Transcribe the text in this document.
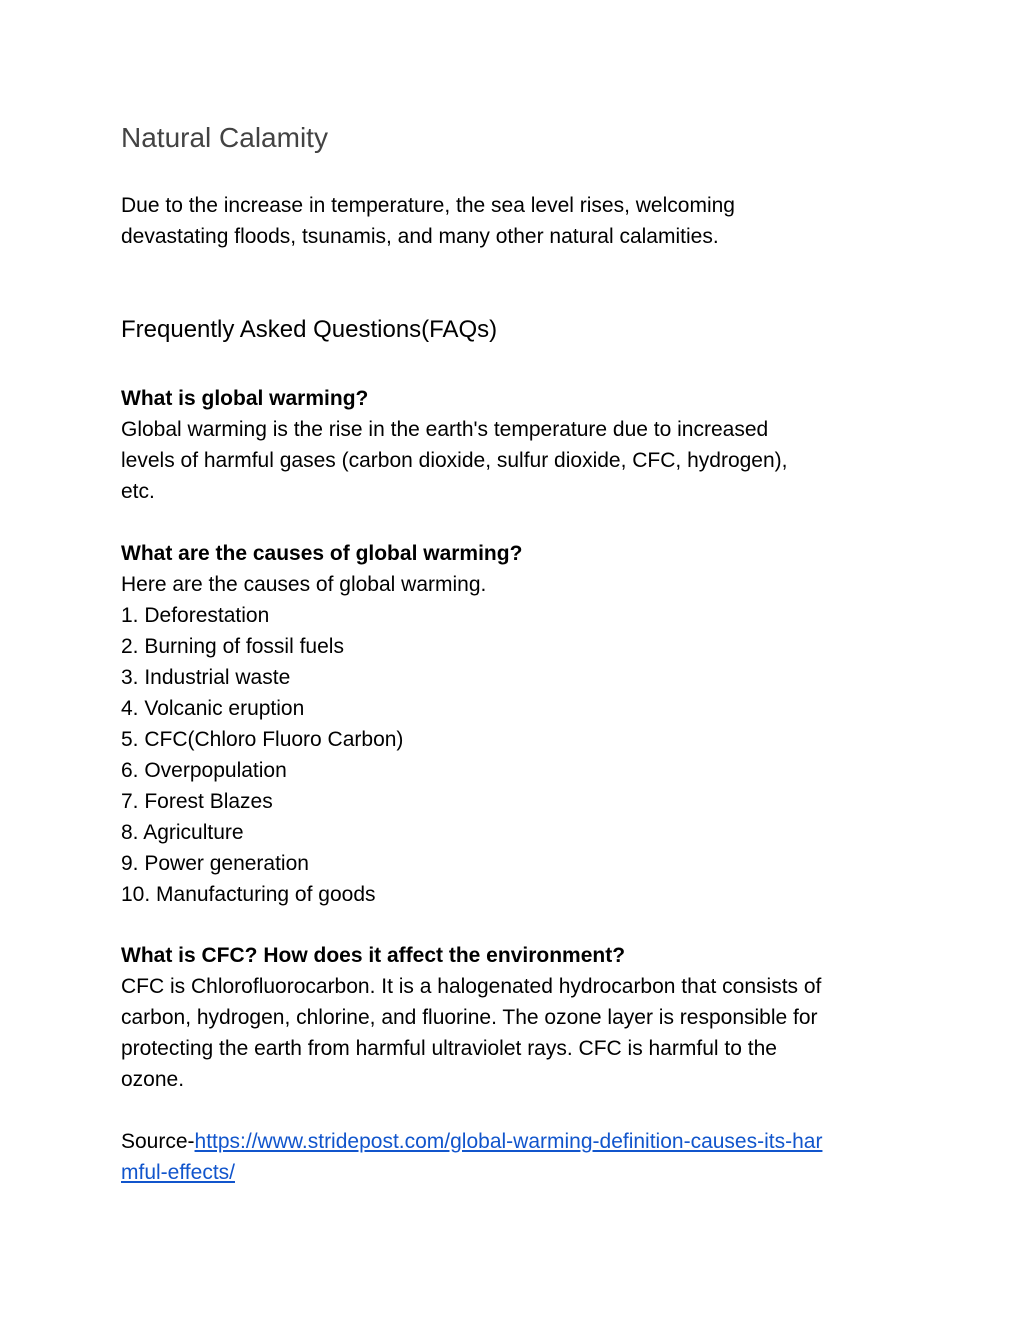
Natural Calamity
Due to the increase in temperature, the sea level rises, welcoming
devastating floods, tsunamis, and many other natural calamities.
Frequently Asked Questions(FAQs)
What is global warming?
Global warming is the rise in the earth's temperature due to increased
levels of harmful gases (carbon dioxide, sulfur dioxide, CFC, hydrogen),
etc.
What are the causes of global warming?
Here are the causes of global warming.
1. Deforestation
2. Burning of fossil fuels
3. Industrial waste
4. Volcanic eruption
5. CFC(Chloro Fluoro Carbon)
6. Overpopulation
7. Forest Blazes
8. Agriculture
9. Power generation
10. Manufacturing of goods
What is CFC? How does it affect the environment?
CFC is Chlorofluorocarbon. It is a halogenated hydrocarbon that consists of
carbon, hydrogen, chlorine, and fluorine. The ozone layer is responsible for
protecting the earth from harmful ultraviolet rays. CFC is harmful to the
ozone.
Source-https://www.stridepost.com/global-warming-definition-causes-its-har
mful-effects/
